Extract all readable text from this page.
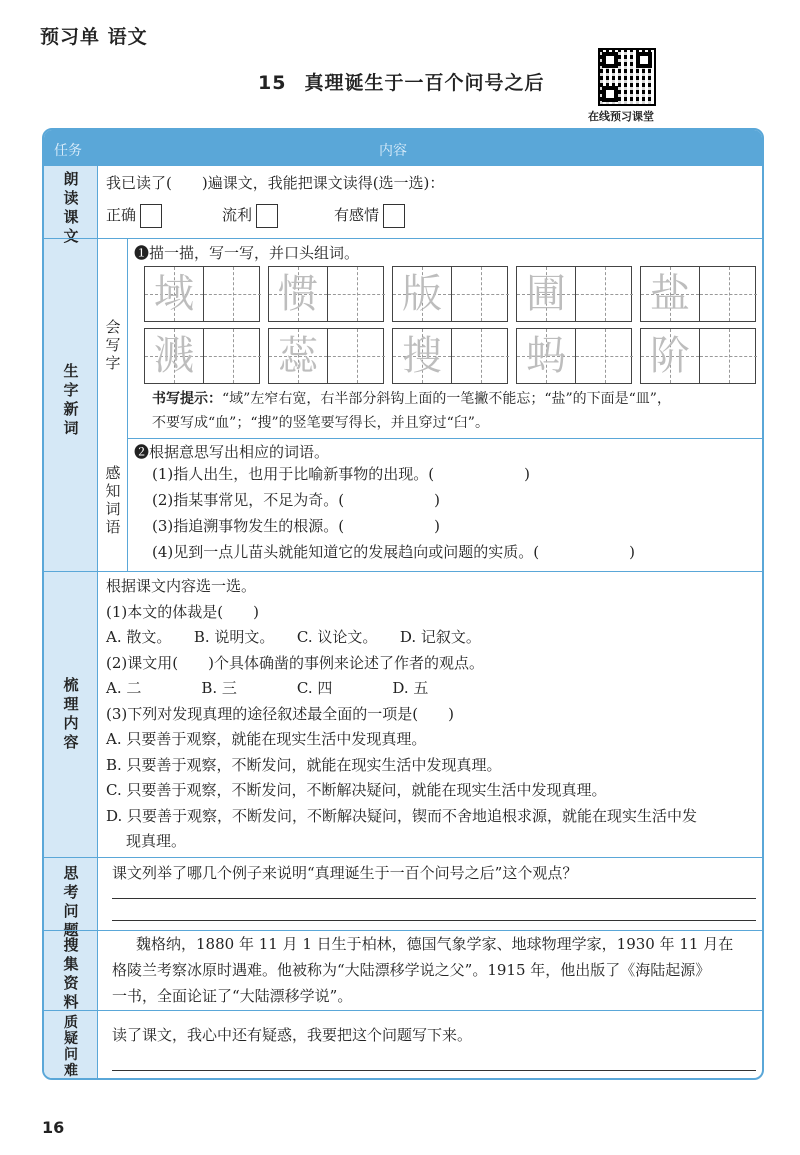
预习单 语文
15 真理诞生于一百个问号之后
在线预习课堂
任务	内容
朗读课文
我已读了(　　)遍课文，我能把课文读得(选一选)：
正确	流利	有感情
生字新词
会写字
❶描一描，写一写，并口头组词。
域 惯 版 圃 盐
溅 蕊 搜 蚂 阶
书写提示：“域”左窄右宽，右半部分斜钩上面的一笔撇不能忘；“盐”的下面是“皿”，
不要写成“血”；“搜”的竖笔要写得长，并且穿过“臼”。
感知词语
❷根据意思写出相应的词语。
(1)指人出生，也用于比喻新事物的出现。(　　　　　　)
(2)指某事常见，不足为奇。(　　　　　　)
(3)指追溯事物发生的根源。(　　　　　　)
(4)见到一点儿苗头就能知道它的发展趋向或问题的实质。(　　　　　　)
梳理内容
根据课文内容选一选。
(1)本文的体裁是(　　)
A. 散文。　　B. 说明文。　　C. 议论文。　　D. 记叙文。
(2)课文用(　　)个具体确凿的事例来论述了作者的观点。
A. 二　　　　B. 三　　　　C. 四　　　　D. 五
(3)下列对发现真理的途径叙述最全面的一项是(　　)
A. 只要善于观察，就能在现实生活中发现真理。
B. 只要善于观察，不断发问，就能在现实生活中发现真理。
C. 只要善于观察，不断发问，不断解决疑问，就能在现实生活中发现真理。
D. 只要善于观察，不断发问，不断解决疑问，锲而不舍地追根求源，就能在现实生活中发
现真理。
思考问题
课文列举了哪几个例子来说明“真理诞生于一百个问号之后”这个观点？
搜集资料
魏格纳，1880 年 11 月 1 日生于柏林，德国气象学家、地球物理学家，1930 年 11 月在
格陵兰考察冰原时遇难。他被称为“大陆漂移学说之父”。1915 年，他出版了《海陆起源》
一书，全面论证了“大陆漂移学说”。
质疑问难
读了课文，我心中还有疑惑，我要把这个问题写下来。
16
